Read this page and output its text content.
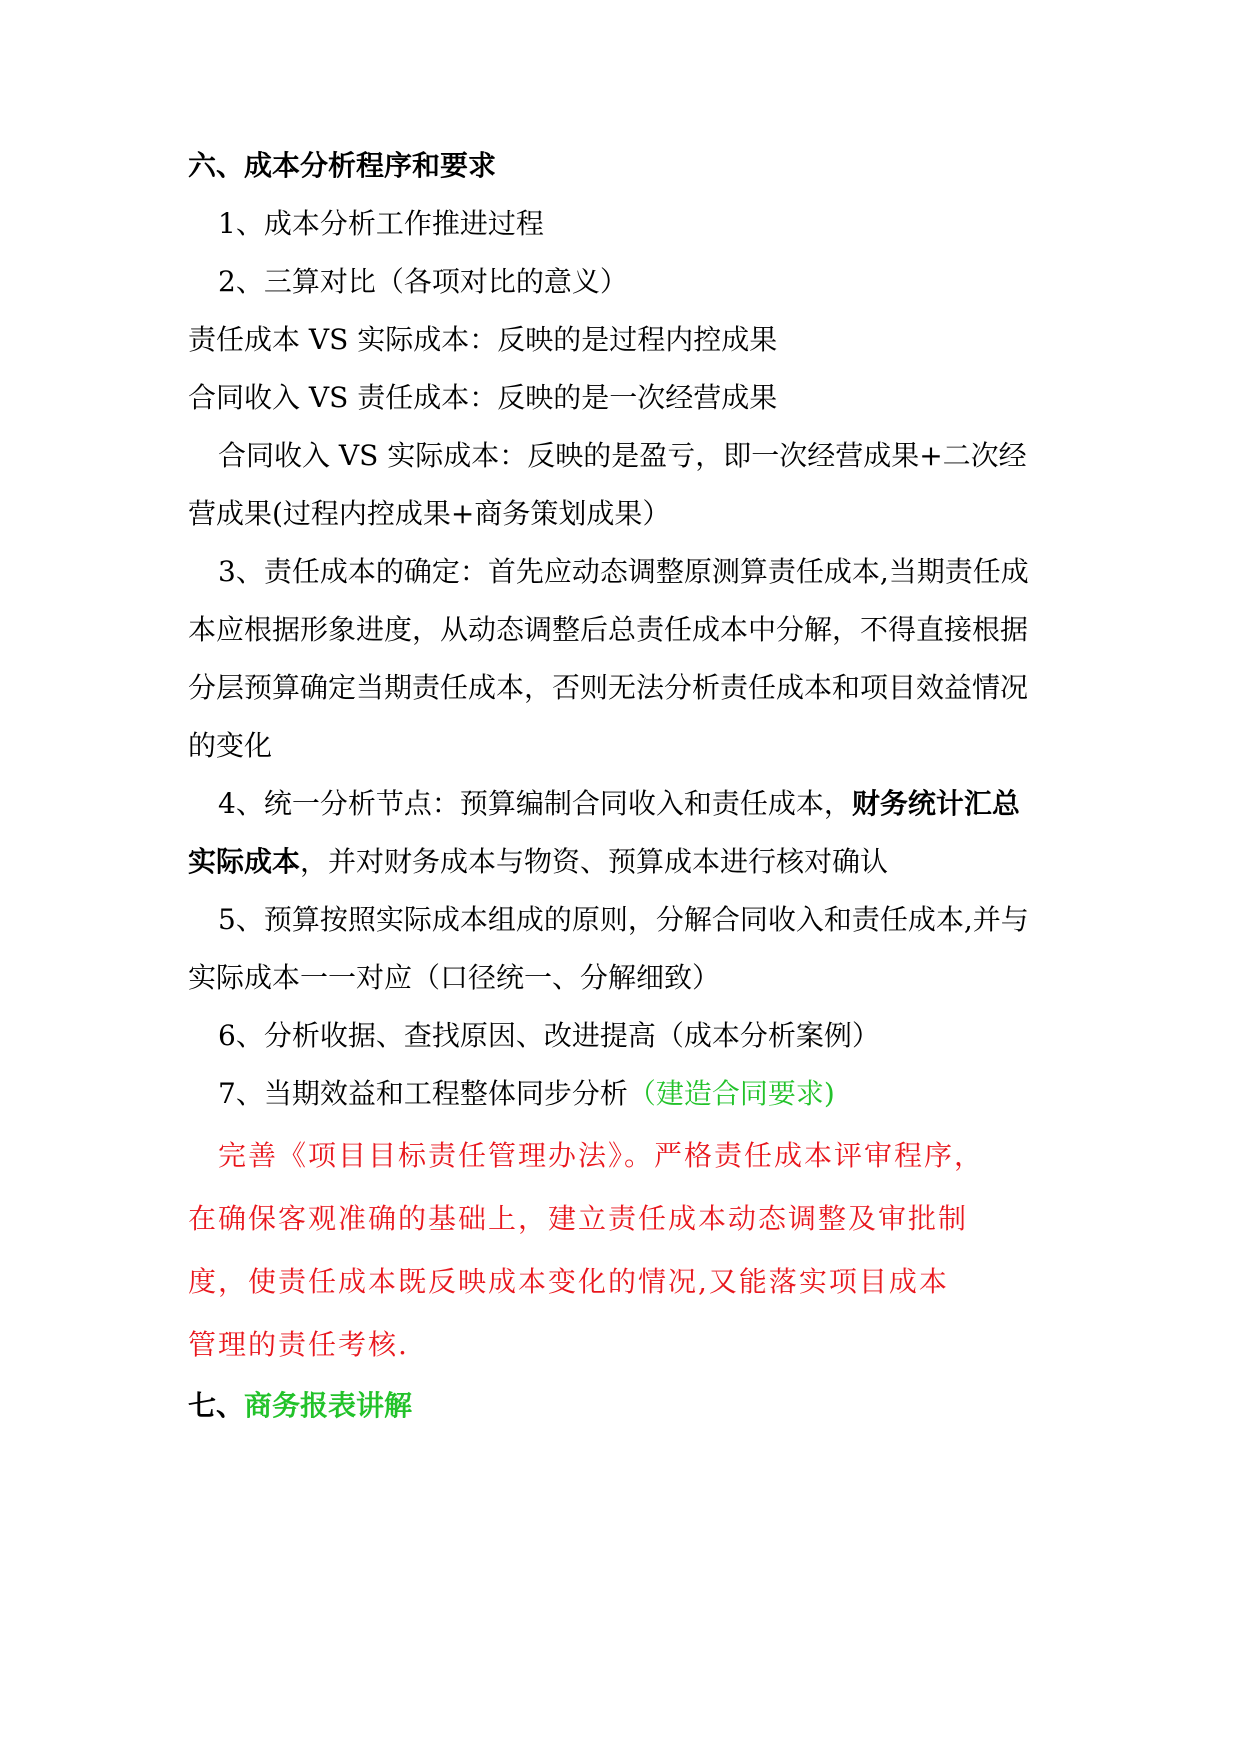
六、成本分析程序和要求
1、成本分析工作推进过程
2、三算对比（各项对比的意义）
责任成本 VS 实际成本：反映的是过程内控成果
合同收入 VS 责任成本：反映的是一次经营成果
合同收入 VS 实际成本：反映的是盈亏，即一次经营成果+二次经
营成果(过程内控成果+商务策划成果）
3、责任成本的确定：首先应动态调整原测算责任成本,当期责任成
本应根据形象进度，从动态调整后总责任成本中分解，不得直接根据
分层预算确定当期责任成本，否则无法分析责任成本和项目效益情况
的变化
4、统一分析节点：预算编制合同收入和责任成本，财务统计汇总
实际成本，并对财务成本与物资、预算成本进行核对确认
5、预算按照实际成本组成的原则，分解合同收入和责任成本,并与
实际成本一一对应（口径统一、分解细致）
6、分析收据、查找原因、改进提高（成本分析案例）
7、当期效益和工程整体同步分析（建造合同要求)
完善《项目目标责任管理办法》。严格责任成本评审程序，
在确保客观准确的基础上，建立责任成本动态调整及审批制
度，使责任成本既反映成本变化的情况,又能落实项目成本
管理的责任考核.
七、商务报表讲解
